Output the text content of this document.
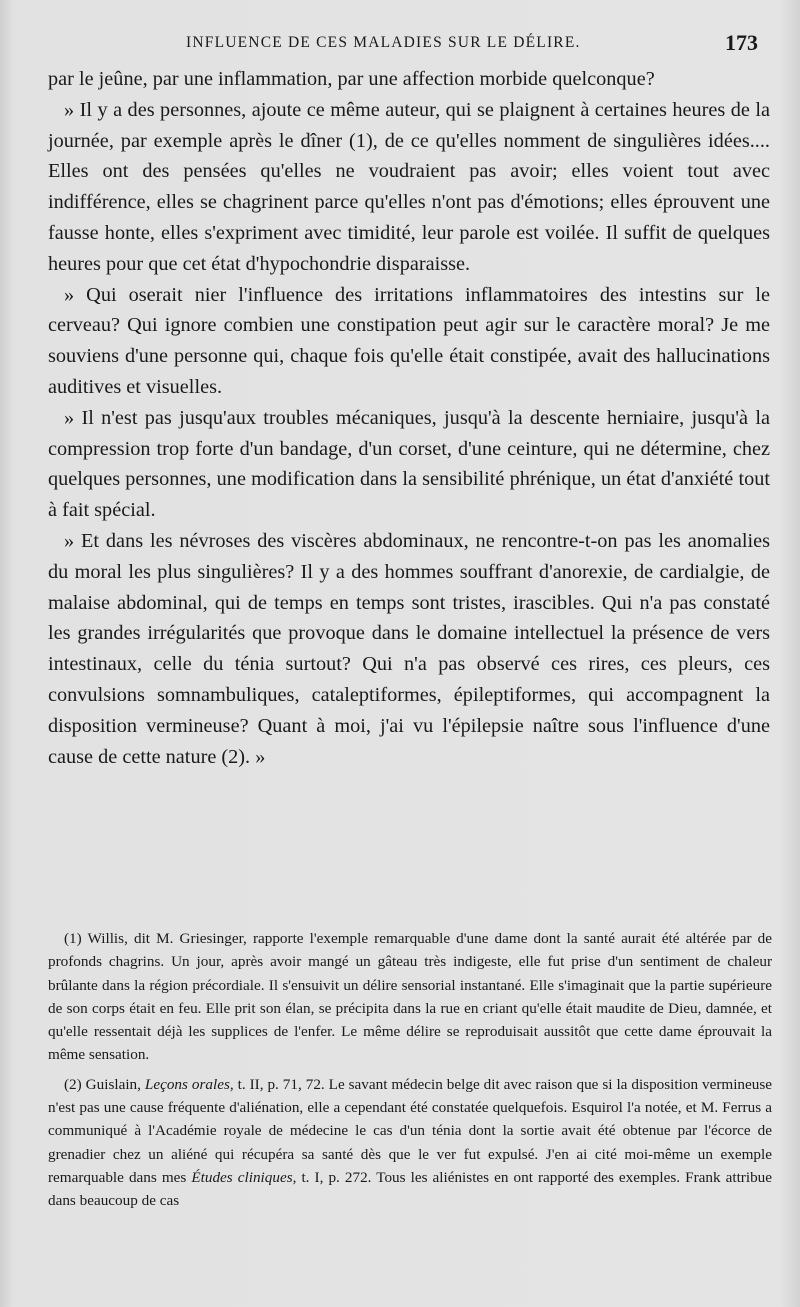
INFLUENCE DE CES MALADIES SUR LE DÉLIRE.	173

par le jeûne, par une inflammation, par une affection morbide quelconque?

» Il y a des personnes, ajoute ce même auteur, qui se plaignent à certaines heures de la journée, par exemple après le dîner (1), de ce qu'elles nomment de singulières idées.... Elles ont des pensées qu'elles ne voudraient pas avoir; elles voient tout avec indifférence, elles se chagrinent parce qu'elles n'ont pas d'émotions; elles éprouvent une fausse honte, elles s'expriment avec timidité, leur parole est voilée. Il suffit de quelques heures pour que cet état d'hypochondrie disparaisse.

» Qui oserait nier l'influence des irritations inflammatoires des intestins sur le cerveau? Qui ignore combien une constipation peut agir sur le caractère moral? Je me souviens d'une personne qui, chaque fois qu'elle était constipée, avait des hallucinations auditives et visuelles.

» Il n'est pas jusqu'aux troubles mécaniques, jusqu'à la descente herniaire, jusqu'à la compression trop forte d'un bandage, d'un corset, d'une ceinture, qui ne détermine, chez quelques personnes, une modification dans la sensibilité phrénique, un état d'anxiété tout à fait spécial.

» Et dans les névroses des viscères abdominaux, ne rencontre-t-on pas les anomalies du moral les plus singulières? Il y a des hommes souffrant d'anorexie, de cardialgie, de malaise abdominal, qui de temps en temps sont tristes, irascibles. Qui n'a pas constaté les grandes irrégularités que provoque dans le domaine intellectuel la présence de vers intestinaux, celle du ténia surtout? Qui n'a pas observé ces rires, ces pleurs, ces convulsions somnambuliques, cataleptiformes, épileptiformes, qui accompagnent la disposition vermineuse? Quant à moi, j'ai vu l'épilepsie naître sous l'influence d'une cause de cette nature (2). »

(1) Willis, dit M. Griesinger, rapporte l'exemple remarquable d'une dame dont la santé aurait été altérée par de profonds chagrins. Un jour, après avoir mangé un gâteau très indigeste, elle fut prise d'un sentiment de chaleur brûlante dans la région précordiale. Il s'ensuivit un délire sensorial instantané. Elle s'imaginait que la partie supérieure de son corps était en feu. Elle prit son élan, se précipita dans la rue en criant qu'elle était maudite de Dieu, damnée, et qu'elle ressentait déjà les supplices de l'enfer. Le même délire se reproduisait aussitôt que cette dame éprouvait la même sensation.

(2) Guislain, Leçons orales, t. II, p. 71, 72. Le savant médecin belge dit avec raison que si la disposition vermineuse n'est pas une cause fréquente d'aliénation, elle a cependant été constatée quelquefois. Esquirol l'a notée, et M. Ferrus a communiqué à l'Académie royale de médecine le cas d'un ténia dont la sortie avait été obtenue par l'écorce de grenadier chez un aliéné qui récupéra sa santé dès que le ver fut expulsé. J'en ai cité moi-même un exemple remarquable dans mes Études cliniques, t. I, p. 272. Tous les aliénistes en ont rapporté des exemples. Frank attribue dans beaucoup de cas
